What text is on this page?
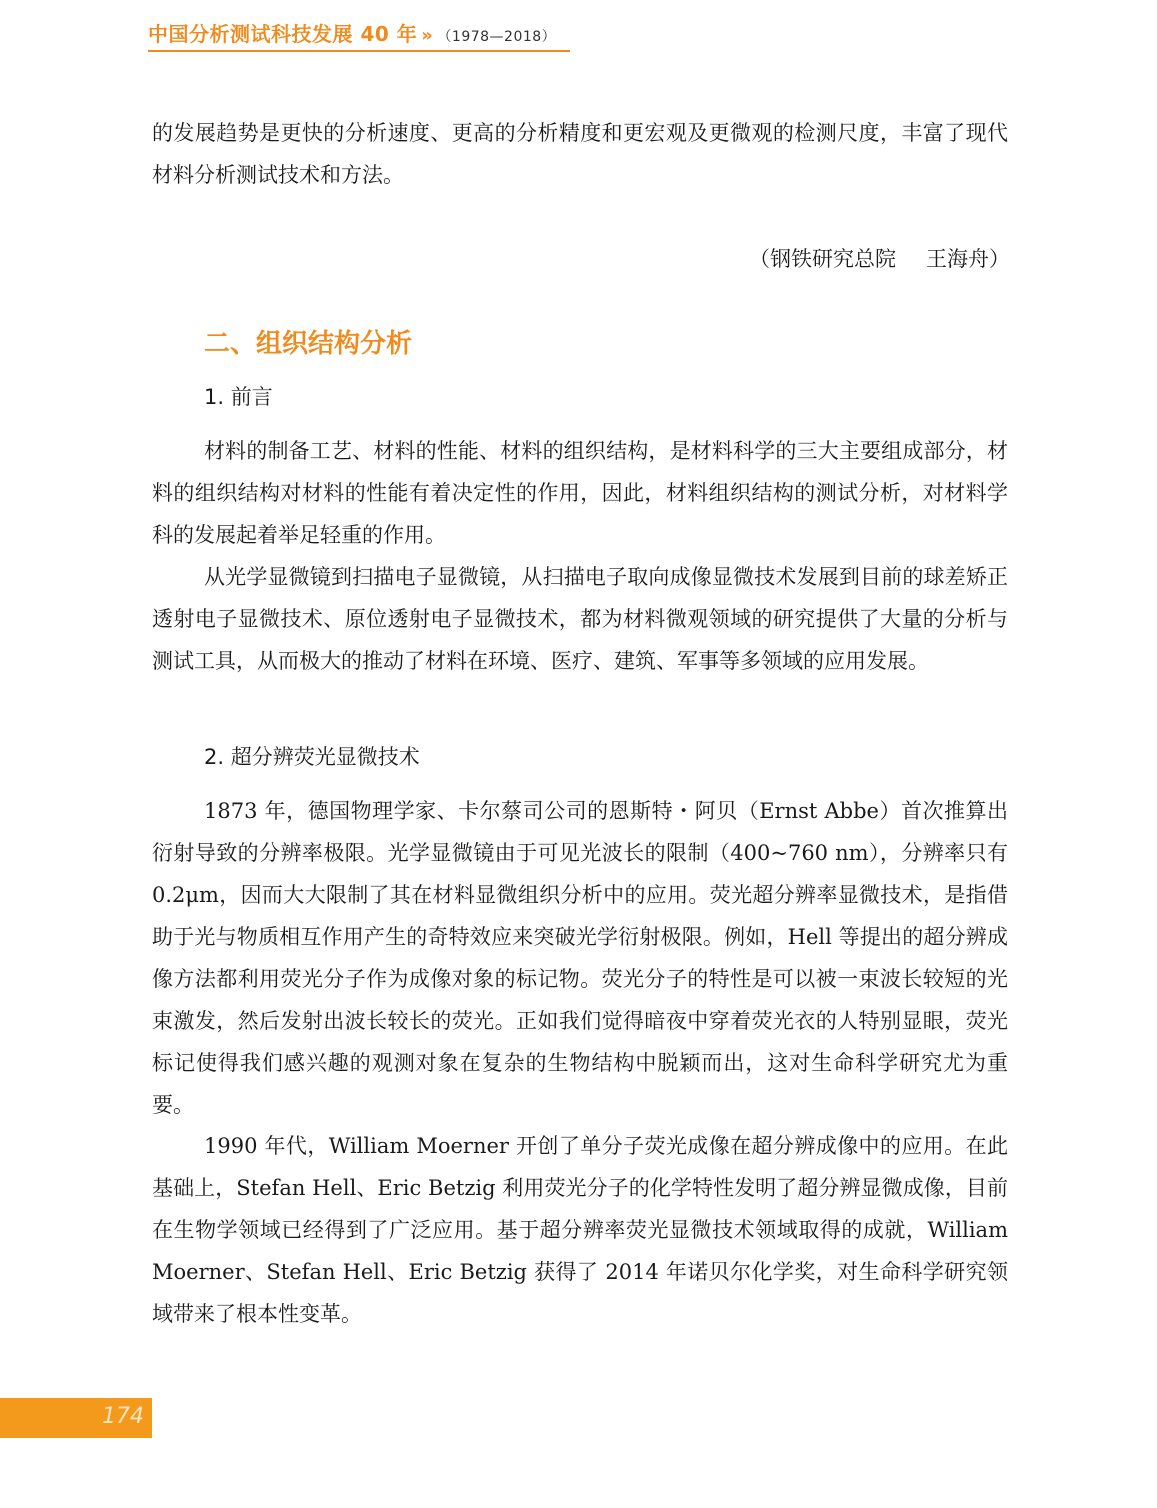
中国分析测试科技发展 40 年 » （1978—2018）

的发展趋势是更快的分析速度、更高的分析精度和更宏观及更微观的检测尺度，丰富了现代材料分析测试技术和方法。

（钢铁研究总院 王海舟）
二、组织结构分析
1. 前言

材料的制备工艺、材料的性能、材料的组织结构，是材料科学的三大主要组成部分，材料的组织结构对材料的性能有着决定性的作用，因此，材料组织结构的测试分析，对材料学科的发展起着举足轻重的作用。

从光学显微镜到扫描电子显微镜，从扫描电子取向成像显微技术发展到目前的球差矫正透射电子显微技术、原位透射电子显微技术，都为材料微观领域的研究提供了大量的分析与测试工具，从而极大的推动了材料在环境、医疗、建筑、军事等多领域的应用发展。

2. 超分辨荧光显微技术

1873 年，德国物理学家、卡尔蔡司公司的恩斯特・阿贝（Ernst Abbe）首次推算出衍射导致的分辨率极限。光学显微镜由于可见光波长的限制（400~760 nm），分辨率只有 0.2μm，因而大大限制了其在材料显微组织分析中的应用。荧光超分辨率显微技术，是指借助于光与物质相互作用产生的奇特效应来突破光学衍射极限。例如，Hell 等提出的超分辨成像方法都利用荧光分子作为成像对象的标记物。荧光分子的特性是可以被一束波长较短的光束激发，然后发射出波长较长的荧光。正如我们觉得暗夜中穿着荧光衣的人特别显眼，荧光标记使得我们感兴趣的观测对象在复杂的生物结构中脱颖而出，这对生命科学研究尤为重要。

1990 年代，William Moerner 开创了单分子荧光成像在超分辨成像中的应用。在此基础上，Stefan Hell、Eric Betzig 利用荧光分子的化学特性发明了超分辨显微成像，目前在生物学领域已经得到了广泛应用。基于超分辨率荧光显微技术领域取得的成就，William Moerner、Stefan Hell、Eric Betzig 获得了 2014 年诺贝尔化学奖，对生命科学研究领域带来了根本性变革。

174
